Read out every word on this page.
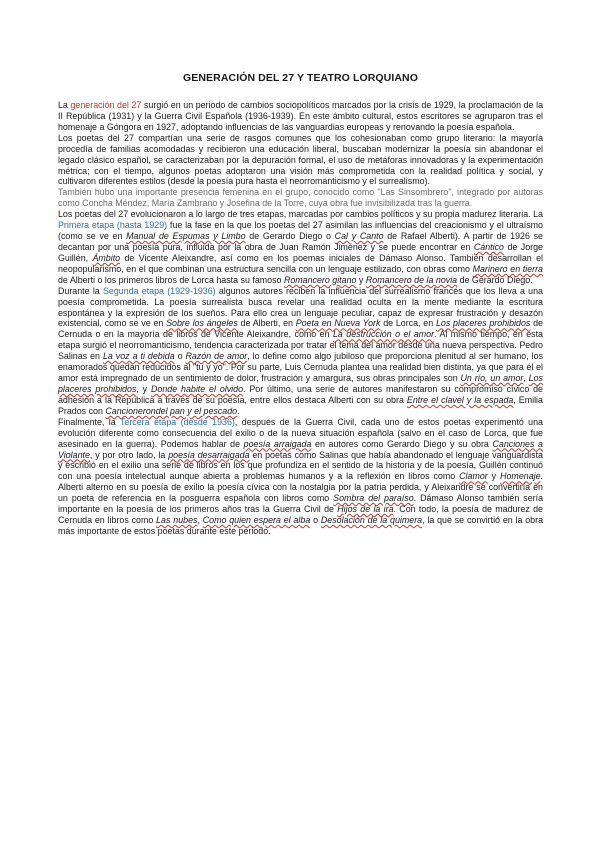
GENERACIÓN DEL 27 Y TEATRO LORQUIANO

La generación del 27 surgió en un periodo de cambios sociopolíticos marcados por la crisis de 1929, la proclamación de la II República (1931) y la Guerra Civil Española (1936-1939). En este ámbito cultural, estos escritores se agruparon tras el homenaje a Góngora en 1927, adoptando influencias de las vanguardias europeas y renovando la poesía española.

Los poetas del 27 compartían una serie de rasgos comunes que los cohesionaban como grupo literario: la mayoría procedía de familias acomodadas y recibieron una educación liberal, buscaban modernizar la poesía sin abandonar el legado clásico español, se caracterizaban por la depuración formal, el uso de metáforas innovadoras y la experimentación métrica; con el tiempo, algunos poetas adoptaron una visión más comprometida con la realidad política y social, y cultivaron diferentes estilos (desde la poesía pura hasta el neorromanticismo y el surrealismo).

También hubo una importante presencia femenina en el grupo, conocido como "Las Sinsombrero", integrado por autoras como Concha Méndez, María Zambrano y Josefina de la Torre, cuya obra fue invisibilizada tras la guerra.

Los poetas del 27 evolucionaron a lo largo de tres etapas, marcadas por cambios políticos y su propia madurez literaria. La Primera etapa (hasta 1929) fue la fase en la que los poetas del 27 asimilan las influencias del creacionismo y el ultraísmo (como se ve en Manual de Espumas y Limbo de Gerardo Diego o Cal y Canto de Rafael Alberti). A partir de 1926 se decantan por una poesía pura, influida por la obra de Juan Ramón Jiménez y se puede encontrar en Cántico de Jorge Guillén, Ámbito de Vicente Aleixandre, así como en los poemas iniciales de Dámaso Alonso. También desarrollan el neopopularismo, en el que combinan una estructura sencilla con un lenguaje estilizado, con obras como Marinero en tierra de Alberti o los primeros libros de Lorca hasta su famoso Romancero gitano y Romancero de la novia de Gerardo Diego.

Durante la Segunda etapa (1929-1936) algunos autores reciben la influencia del surrealismo francés que los lleva a una poesía comprometida. La poesía surrealista busca revelar una realidad oculta en la mente mediante la escritura espontánea y la expresión de los sueños. Para ello crea un lenguaje peculiar, capaz de expresar frustración y desazón existencial, como se ve en Sobre los ángeles de Alberti, en Poeta en Nueva York de Lorca, en Los placeres prohibidos de Cernuda o en la mayoría de libros de Vicente Aleixandre, como en La destrucción o el amor. Al mismo tiempo, en esta etapa surgió el neorromanticismo, tendencia caracterizada por tratar el tema del amor desde una nueva perspectiva. Pedro Salinas en La voz a ti debida o Razón de amor, lo define como algo jubiloso que proporciona plenitud al ser humano, los enamorados quedan reducidos al "tu y yo". Por su parte, Luis Cernuda plantea una realidad bien distinta, ya que para él el amor está impregnado de un sentimiento de dolor, frustración y amargura, sus obras principales son Un río, un amor, Los placeres prohibidos, y Donde habite el olvido. Por último, una serie de autores manifestaron su compromiso cívico de adhesión a la República a través de su poesía, entre ellos destaca Alberti con su obra Entre el clavel y la espada, Emilia Prados con Cancionerondel pan y el pescado.

Finalmente, la Tercera etapa (desde 1936), después de la Guerra Civil, cada uno de estos poetas experimentó una evolución diferente como consecuencia del exilio o de la nueva situación española (salvo en el caso de Lorca, que fue asesinado en la guerra). Podemos hablar de poesía arraigada en autores como Gerardo Diego y su obra Canciones a Violante, y por otro lado, la poesía desarraigada en poetas como Salinas que había abandonado el lenguaje vanguardista y escribió en el exilio una serie de libros en los que profundiza en el sentido de la historia y de la poesía, Guillén continuó con una poesía intelectual aunque abierta a problemas humanos y a la reflexión en libros como Clamor y Homenaje. Alberti alterno en su poesía de exilio la poesía cívica con la nostalgia por la patria perdida, y Aleixandre se convertiría en un poeta de referencia en la posguerra española con libros como Sombra del paraíso. Dámaso Alonso también sería importante en la poesía de los primeros años tras la Guerra Civil de Hijos de la ira. Con todo, la poesía de madurez de Cernuda en libros como Las nubes, Como quien espera el alba o Desolación de la quimera, la que se convirtió en la obra más importante de estos poetas durante este periodo.
